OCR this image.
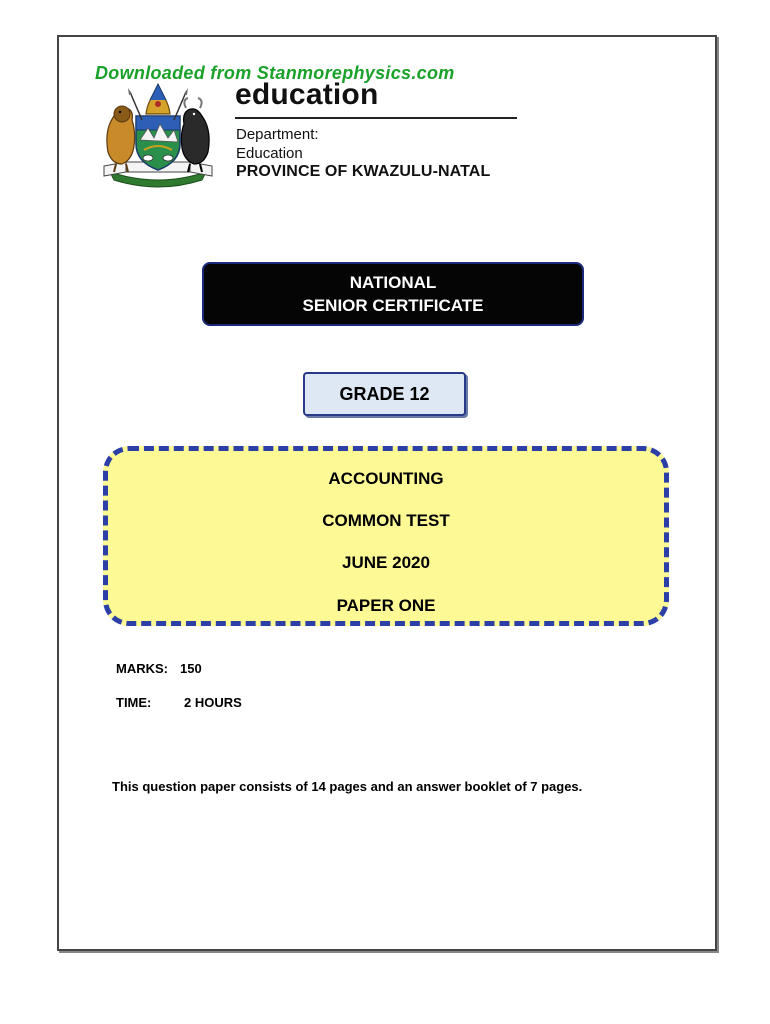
Downloaded from Stanmorephysics.com
education
Department:
Education
PROVINCE OF KWAZULU-NATAL
NATIONAL
SENIOR CERTIFICATE
GRADE 12
ACCOUNTING
COMMON TEST
JUNE 2020
PAPER ONE
MARKS: 150
TIME:	2 HOURS
This question paper consists of 14 pages and an answer booklet of 7 pages.
